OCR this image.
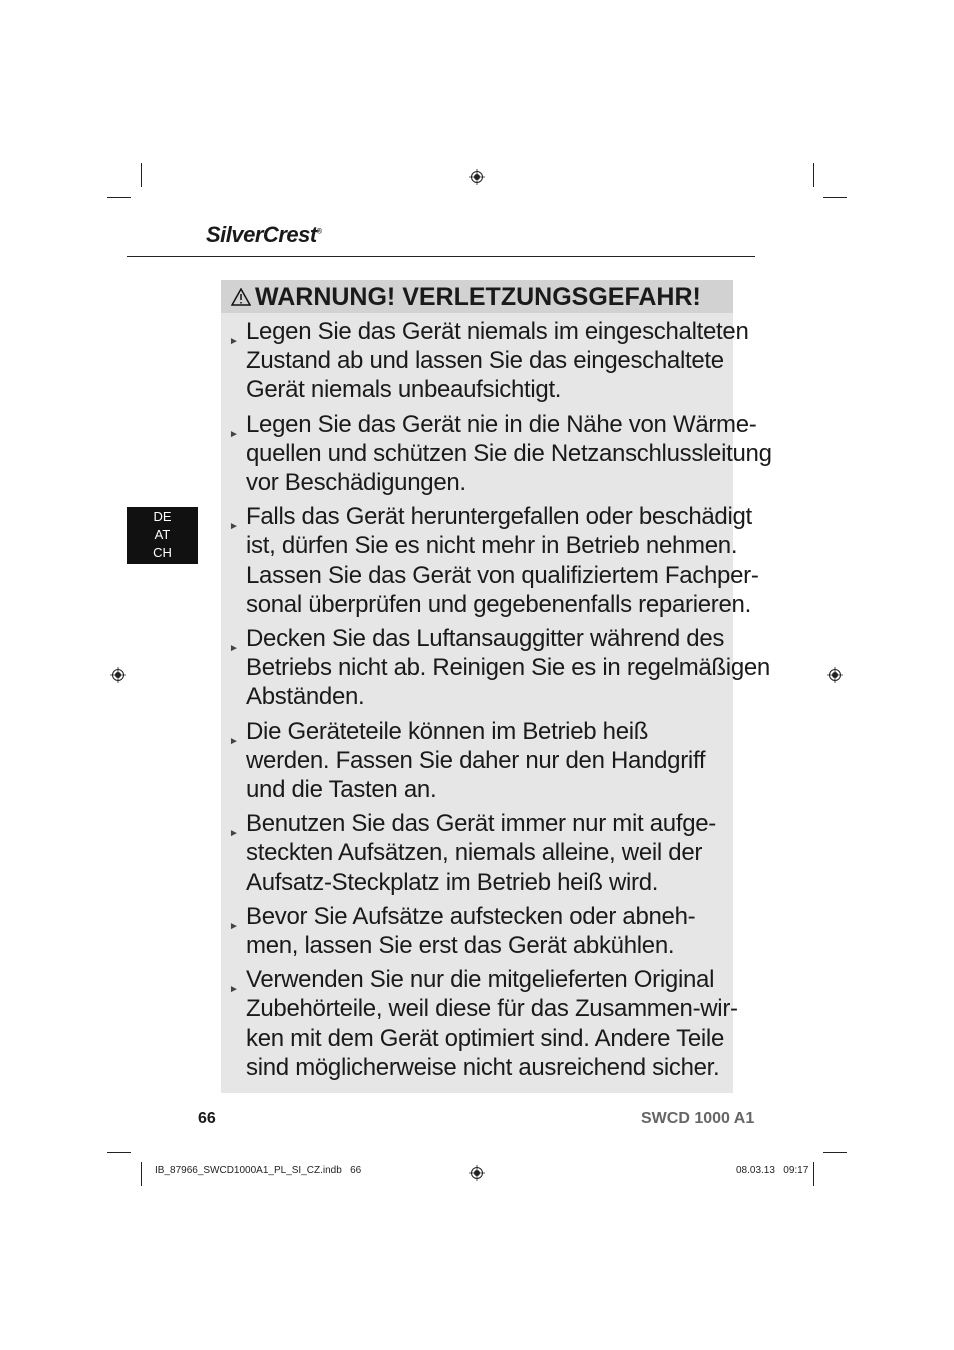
SilverCrest®
DE
AT
CH
WARNUNG! VERLETZUNGSGEFAHR!
► Legen Sie das Gerät niemals im eingeschalteten
Zustand ab und lassen Sie das eingeschaltete
Gerät niemals unbeaufsichtigt.
► Legen Sie das Gerät nie in die Nähe von Wärme-
quellen und schützen Sie die Netzanschlussleitung
vor Beschädigungen.
► Falls das Gerät heruntergefallen oder beschädigt
ist, dürfen Sie es nicht mehr in Betrieb nehmen.
Lassen Sie das Gerät von qualifiziertem Fachper-
sonal überprüfen und gegebenenfalls reparieren.
► Decken Sie das Luftansauggitter während des
Betriebs nicht ab. Reinigen Sie es in regelmäßigen
Abständen.
► Die Geräteteile können im Betrieb heiß
werden. Fassen Sie daher nur den Handgriff
und die Tasten an.
► Benutzen Sie das Gerät immer nur mit aufge-
steckten Aufsätzen, niemals alleine, weil der
Aufsatz-Steckplatz im Betrieb heiß wird.
► Bevor Sie Aufsätze aufstecken oder abneh-
men, lassen Sie erst das Gerät abkühlen.
► Verwenden Sie nur die mitgelieferten Original
Zubehörteile, weil diese für das Zusammen-wir-
ken mit dem Gerät optimiert sind. Andere Teile
sind möglicherweise nicht ausreichend sicher.
66	SWCD 1000 A1
IB_87966_SWCD1000A1_PL_SI_CZ.indb   66	08.03.13   09:17
